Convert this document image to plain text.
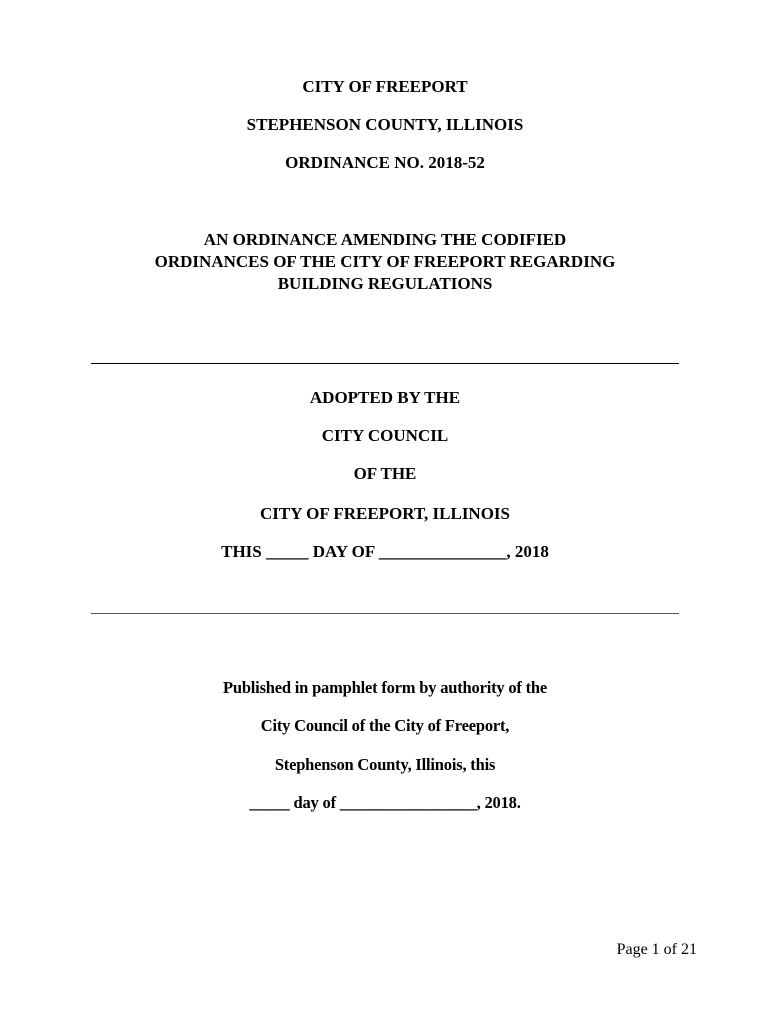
CITY OF FREEPORT
STEPHENSON COUNTY, ILLINOIS
ORDINANCE NO. 2018-52
AN ORDINANCE AMENDING THE CODIFIED
ORDINANCES OF THE CITY OF FREEPORT REGARDING
BUILDING REGULATIONS
ADOPTED BY THE
CITY COUNCIL
OF THE
CITY OF FREEPORT, ILLINOIS
THIS _____ DAY OF _______________, 2018
Published in pamphlet form by authority of the
City Council of the City of Freeport,
Stephenson County, Illinois, this
_____ day of _________________, 2018.
Page 1 of 21
